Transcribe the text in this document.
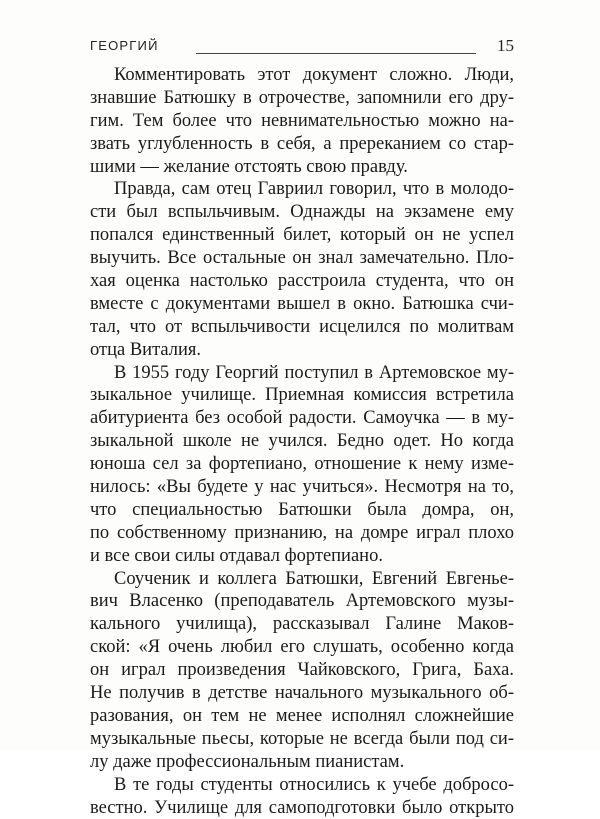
ГЕОРГИЙ	15

Комментировать этот документ сложно. Люди,
знавшие Батюшку в отрочестве, запомнили его дру-
гим. Тем более что невнимательностью можно на-
звать углубленность в себя, а пререканием со стар-
шими — желание отстоять свою правду.

Правда, сам отец Гавриил говорил, что в молодо-
сти был вспыльчивым. Однажды на экзамене ему
попался единственный билет, который он не успел
выучить. Все остальные он знал замечательно. Пло-
хая оценка настолько расстроила студента, что он
вместе с документами вышел в окно. Батюшка счи-
тал, что от вспыльчивости исцелился по молитвам
отца Виталия.

В 1955 году Георгий поступил в Артемовское му-
зыкальное училище. Приемная комиссия встретила
абитуриента без особой радости. Самоучка — в му-
зыкальной школе не учился. Бедно одет. Но когда
юноша сел за фортепиано, отношение к нему изме-
нилось: «Вы будете у нас учиться». Несмотря на то,
что специальностью Батюшки была домра, он,
по собственному признанию, на домре играл плохо
и все свои силы отдавал фортепиано.

Соученик и коллега Батюшки, Евгений Евгенье-
вич Власенко (преподаватель Артемовского музы-
кального училища), рассказывал Галине Маков-
ской: «Я очень любил его слушать, особенно когда
он играл произведения Чайковского, Грига, Баха.
Не получив в детстве начального музыкального об-
разования, он тем не менее исполнял сложнейшие
музыкальные пьесы, которые не всегда были под си-
лу даже профессиональным пианистам.

В те годы студенты относились к учебе добросо-
вестно. Училище для самоподготовки было открыто
